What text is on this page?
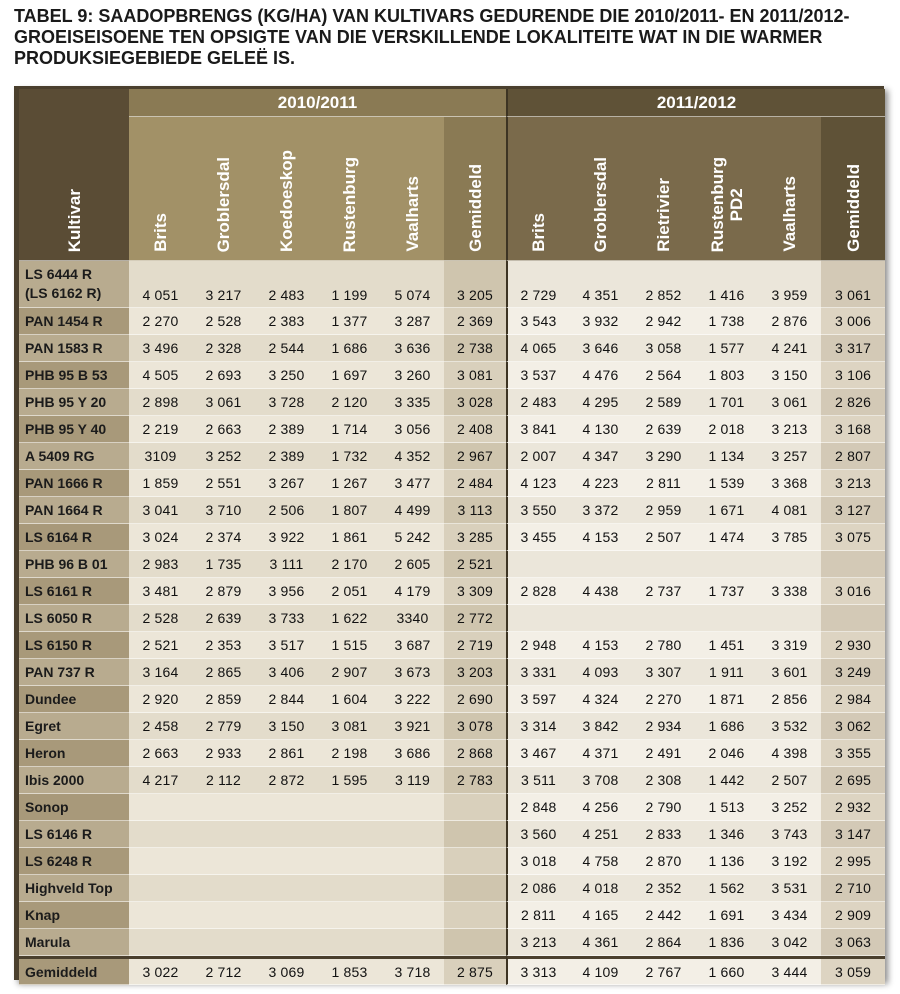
TABEL 9: SAADOPBRENGS (KG/HA) VAN KULTIVARS GEDURENDE DIE 2010/2011- EN 2011/2012-
GROEISEISOENE TEN OPSIGTE VAN DIE VERSKILLENDE LOKALITEITE WAT IN DIE WARMER
PRODUKSIEGEBIEDE GELEË IS.
Kultivar	2010/2011						2011/2012					

	Brits	Groblersdal	Koedoeskop	Rustenburg	Vaalharts	Gemiddeld	Brits	Groblersdal	Rietrivier	Rustenburg PD2	Vaalharts	Gemiddeld

LS 6444 R
(LS 6162 R)	4 051	3 217	2 483	1 199	5 074	3 205	2 729	4 351	2 852	1 416	3 959	3 061
PAN 1454 R	2 270	2 528	2 383	1 377	3 287	2 369	3 543	3 932	2 942	1 738	2 876	3 006
PAN 1583 R	3 496	2 328	2 544	1 686	3 636	2 738	4 065	3 646	3 058	1 577	4 241	3 317
PHB 95 B 53	4 505	2 693	3 250	1 697	3 260	3 081	3 537	4 476	2 564	1 803	3 150	3 106
PHB 95 Y 20	2 898	3 061	3 728	2 120	3 335	3 028	2 483	4 295	2 589	1 701	3 061	2 826
PHB 95 Y 40	2 219	2 663	2 389	1 714	3 056	2 408	3 841	4 130	2 639	2 018	3 213	3 168
A 5409 RG	3109	3 252	2 389	1 732	4 352	2 967	2 007	4 347	3 290	1 134	3 257	2 807
PAN 1666 R	1 859	2 551	3 267	1 267	3 477	2 484	4 123	4 223	2 811	1 539	3 368	3 213
PAN 1664 R	3 041	3 710	2 506	1 807	4 499	3 113	3 550	3 372	2 959	1 671	4 081	3 127
LS 6164 R	3 024	2 374	3 922	1 861	5 242	3 285	3 455	4 153	2 507	1 474	3 785	3 075
PHB 96 B 01	2 983	1 735	3 111	2 170	2 605	2 521						
LS 6161 R	3 481	2 879	3 956	2 051	4 179	3 309	2 828	4 438	2 737	1 737	3 338	3 016
LS 6050 R	2 528	2 639	3 733	1 622	3340	2 772						
LS 6150 R	2 521	2 353	3 517	1 515	3 687	2 719	2 948	4 153	2 780	1 451	3 319	2 930
PAN 737 R	3 164	2 865	3 406	2 907	3 673	3 203	3 331	4 093	3 307	1 911	3 601	3 249
Dundee	2 920	2 859	2 844	1 604	3 222	2 690	3 597	4 324	2 270	1 871	2 856	2 984
Egret	2 458	2 779	3 150	3 081	3 921	3 078	3 314	3 842	2 934	1 686	3 532	3 062
Heron	2 663	2 933	2 861	2 198	3 686	2 868	3 467	4 371	2 491	2 046	4 398	3 355
Ibis 2000	4 217	2 112	2 872	1 595	3 119	2 783	3 511	3 708	2 308	1 442	2 507	2 695
Sonop							2 848	4 256	2 790	1 513	3 252	2 932
LS 6146 R							3 560	4 251	2 833	1 346	3 743	3 147
LS 6248 R							3 018	4 758	2 870	1 136	3 192	2 995
Highveld Top							2 086	4 018	2 352	1 562	3 531	2 710
Knap							2 811	4 165	2 442	1 691	3 434	2 909
Marula							3 213	4 361	2 864	1 836	3 042	3 063
Gemiddeld	3 022	2 712	3 069	1 853	3 718	2 875	3 313	4 109	2 767	1 660	3 444	3 059
